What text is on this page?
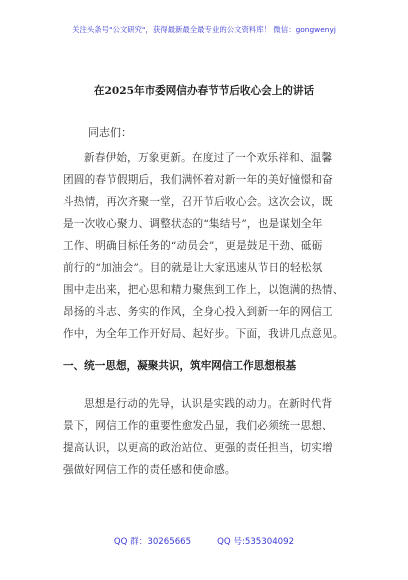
关注头条号"公文研究"，获得最新最全最专业的公文资料库！ 微信：gongwenyj
在2025年市委网信办春节节后收心会上的讲话
同志们：
新春伊始，万象更新。在度过了一个欢乐祥和、温馨
团圆的春节假期后，我们满怀着对新一年的美好憧憬和奋
斗热情，再次齐聚一堂，召开节后收心会。这次会议，既
是一次收心聚力、调整状态的“集结号”，也是谋划全年
工作、明确目标任务的“动员会”，更是鼓足干劲、砥砺
前行的“加油会”。目的就是让大家迅速从节日的轻松氛
围中走出来，把心思和精力聚焦到工作上，以饱满的热情、
昂扬的斗志、务实的作风，全身心投入到新一年的网信工
作中，为全年工作开好局、起好步。下面，我讲几点意见。
一、统一思想，凝聚共识，筑牢网信工作思想根基
思想是行动的先导，认识是实践的动力。在新时代背
景下，网信工作的重要性愈发凸显，我们必须统一思想、
提高认识，以更高的政治站位、更强的责任担当，切实增
强做好网信工作的责任感和使命感。
QQ 群：30265665	QQ 号:535304092
